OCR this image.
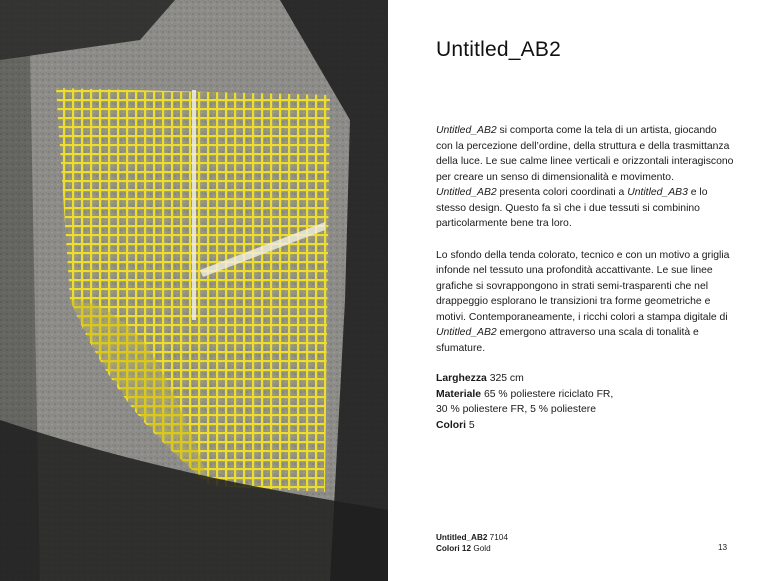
Untitled_AB2

Untitled_AB2 si comporta come la tela di un artista, giocando con la percezione dell’ordine, della struttura e della trasmittanza della luce. Le sue calme linee verticali e orizzontali interagiscono per creare un senso di dimensionalità e movimento. Untitled_AB2 presenta colori coordinati a Untitled_AB3 e lo stesso design. Questo fa sì che i due tessuti si combinino particolarmente bene tra loro.

Lo sfondo della tenda colorato, tecnico e con un motivo a griglia infonde nel tessuto una profondità accattivante. Le sue linee grafiche si sovrappongono in strati semi-trasparenti che nel drappeggio esplorano le transizioni tra forme geometriche e motivi. Contemporaneamente, i ricchi colori a stampa digitale di Untitled_AB2 emergono attraverso una scala di tonalità e sfumature.

Larghezza 325 cm
Materiale 65 % poliestere riciclato FR,
30 % poliestere FR, 5 % poliestere
Colori 5
Untitled_AB2 7104
Colori 12 Gold	13
